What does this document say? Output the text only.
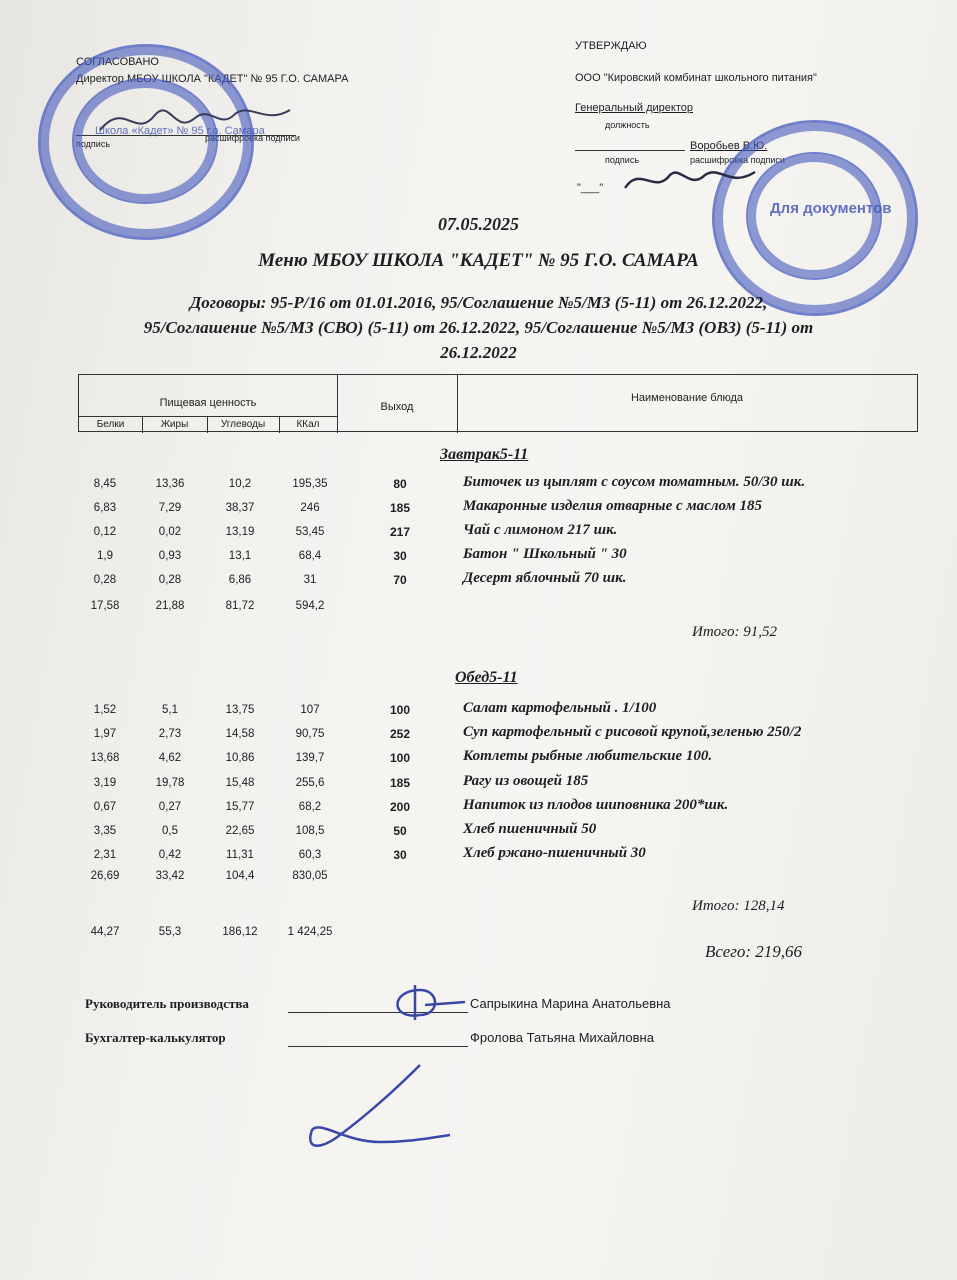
СОГЛАСОВАНО
Директор МБОУ ШКОЛА "КАДЕТ" № 95 Г.О. САМАРА
подпись
расшифровка подписи
Школа «Кадет» № 95 г.о. Самара
УТВЕРЖДАЮ
ООО "Кировский комбинат школьного питания"
Генеральный директор
должность
Воробьев В.Ю.
подпись	расшифровка подписи
"___"
Для документов
07.05.2025
Меню МБОУ ШКОЛА "КАДЕТ" № 95 Г.О. САМАРА
Договоры: 95-Р/16 от 01.01.2016, 95/Соглашение №5/МЗ (5-11) от 26.12.2022,
95/Соглашение №5/МЗ (СВО) (5-11) от 26.12.2022, 95/Соглашение №5/МЗ (ОВЗ) (5-11) от
26.12.2022
Пищевая ценность	Выход
Наименование блюда
Белки	Жиры	Углеводы	ККал
Завтрак5-11
8,45	13,36	10,2	195,35	80	Биточек из цыплят с соусом томатным. 50/30 шк.
6,83	7,29	38,37	246	185	Макаронные изделия отварные с маслом 185
0,12	0,02	13,19	53,45	217	Чай с лимоном 217 шк.
1,9	0,93	13,1	68,4	30	Батон " Школьный " 30
0,28	0,28	6,86	31	70	Десерт яблочный 70 шк.
17,58	21,88	81,72	594,2
Итого: 91,52
Обед5-11
1,52	5,1	13,75	107	100	Салат картофельный . 1/100
1,97	2,73	14,58	90,75	252	Суп картофельный с рисовой крупой,зеленью 250/2
13,68	4,62	10,86	139,7	100	Котлеты рыбные любительские 100.
3,19	19,78	15,48	255,6	185	Рагу из овощей 185
0,67	0,27	15,77	68,2	200	Напиток из плодов шиповника 200*шк.
3,35	0,5	22,65	108,5	50	Хлеб пшеничный 50
2,31	0,42	11,31	60,3	30	Хлеб ржано-пшеничный 30
26,69	33,42	104,4	830,05
Итого: 128,14
44,27	55,3	186,12	1 424,25
Всего: 219,66
Руководитель производства	Сапрыкина Марина Анатольевна
Бухгалтер-калькулятор	Фролова Татьяна Михайловна
